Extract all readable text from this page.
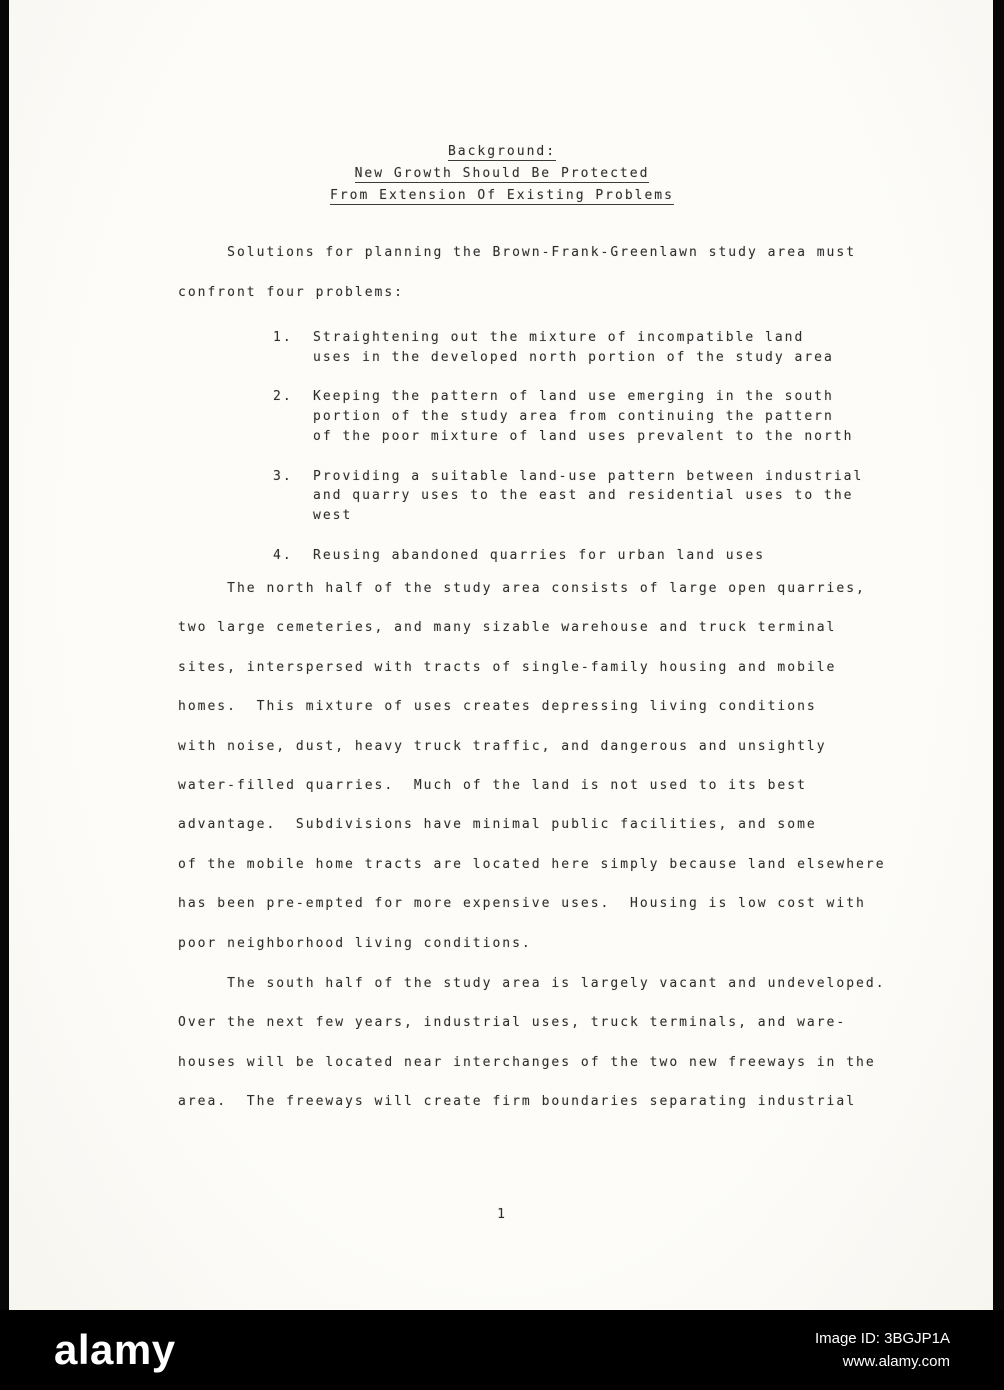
Background:
New Growth Should Be Protected
From Extension Of Existing Problems
Solutions for planning the Brown-Frank-Greenlawn study area must
confront four problems:
1.	Straightening out the mixture of incompatible land
uses in the developed north portion of the study area
2.	Keeping the pattern of land use emerging in the south
portion of the study area from continuing the pattern
of the poor mixture of land uses prevalent to the north
3.	Providing a suitable land-use pattern between industrial
and quarry uses to the east and residential uses to the
west
4.	Reusing abandoned quarries for urban land uses
The north half of the study area consists of large open quarries,
two large cemeteries, and many sizable warehouse and truck terminal
sites, interspersed with tracts of single-family housing and mobile
homes.  This mixture of uses creates depressing living conditions
with noise, dust, heavy truck traffic, and dangerous and unsightly
water-filled quarries.  Much of the land is not used to its best
advantage.  Subdivisions have minimal public facilities, and some
of the mobile home tracts are located here simply because land elsewhere
has been pre-empted for more expensive uses.  Housing is low cost with
poor neighborhood living conditions.
The south half of the study area is largely vacant and undeveloped.
Over the next few years, industrial uses, truck terminals, and ware-
houses will be located near interchanges of the two new freeways in the
area.  The freeways will create firm boundaries separating industrial
1
alamy	Image ID: 3BGJP1A
www.alamy.com
